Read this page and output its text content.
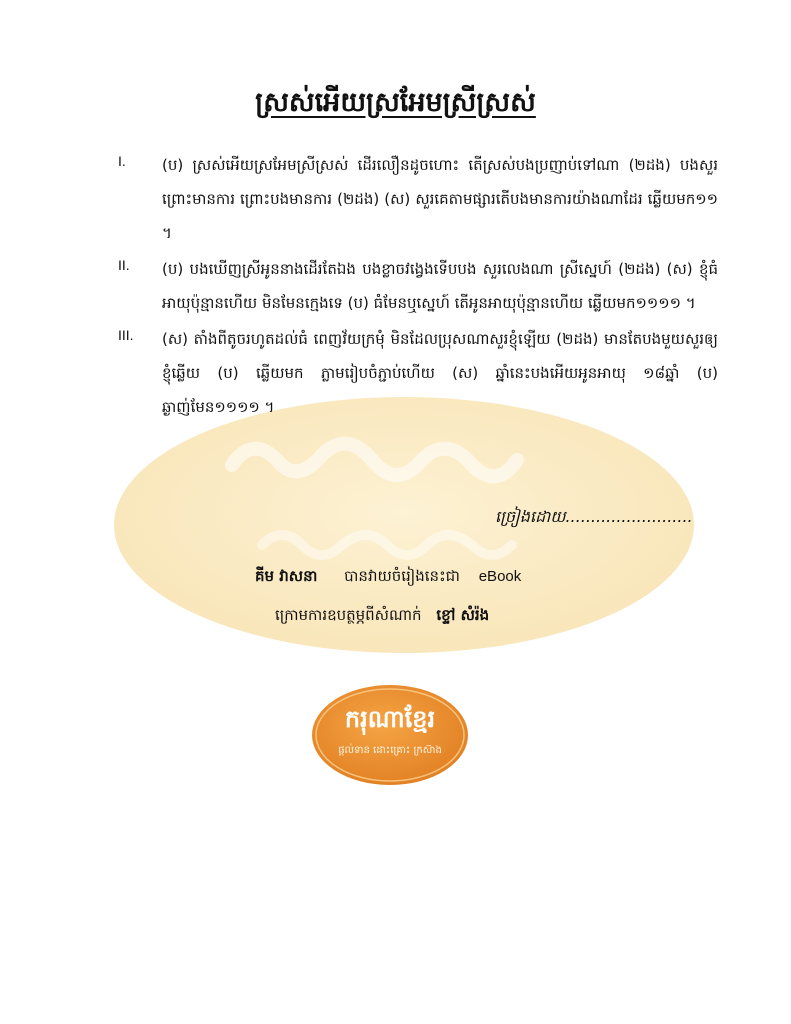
ស្រស់អើយស្រអែមស្រីស្រស់
I.	(ប) ស្រស់អើយស្រអែមស្រីស្រស់ ដើរលឿនដូចហោះ តើស្រស់បងប្រញាប់ទៅណា (២ដង) បងសួរព្រោះមានការ ព្រោះបងមានការ (២ដង) (ស) សួរគេតាមផ្សារតើបងមានការយ៉ាងណាដែរ ឆ្លើយមក១១ ។
II.	(ប) បងឃើញស្រីអូននាងដើរតែឯង បងខ្លាចវង្វេងទើបបង សួរលេងណា ស្រីស្នេហ៍ (២ដង) (ស) ខ្ញុំធំអាយុប៉ុន្មានហើយ មិនមែនក្មេងទេ (ប) ធំមែនឬស្នេហ៍ តើអូនអាយុប៉ុន្មានហើយ ឆ្លើយមក១១១១ ។
III.	(ស) តាំងពីតូចរហូតដល់ធំ ពេញវ័យក្រមុំ មិនដែលប្រុសណាសួរខ្ញុំឡើយ (២ដង) មានតែបងមួយសួរឲ្យខ្ញុំឆ្លើយ (ប) ឆ្លើយមក ភ្លាមរៀបចំភ្ជាប់ហើយ (ស) ឆ្នាំនេះបងអើយអូនអាយុ ១៨ឆ្នាំ (ប) ឆ្ងាញ់មែន១១១១ ។
ច្រៀងដោយ.........................
គីម វាសនា បានវាយចំរៀងនេះជា eBook
ក្រោមការឧបត្ថម្ភពីសំណាក់ ខ្ទៅ សំរ៉ង
ករុណាខ្មែរ
ផ្តល់ទាន ដោះគ្រោះ ក្រស៊ាង
